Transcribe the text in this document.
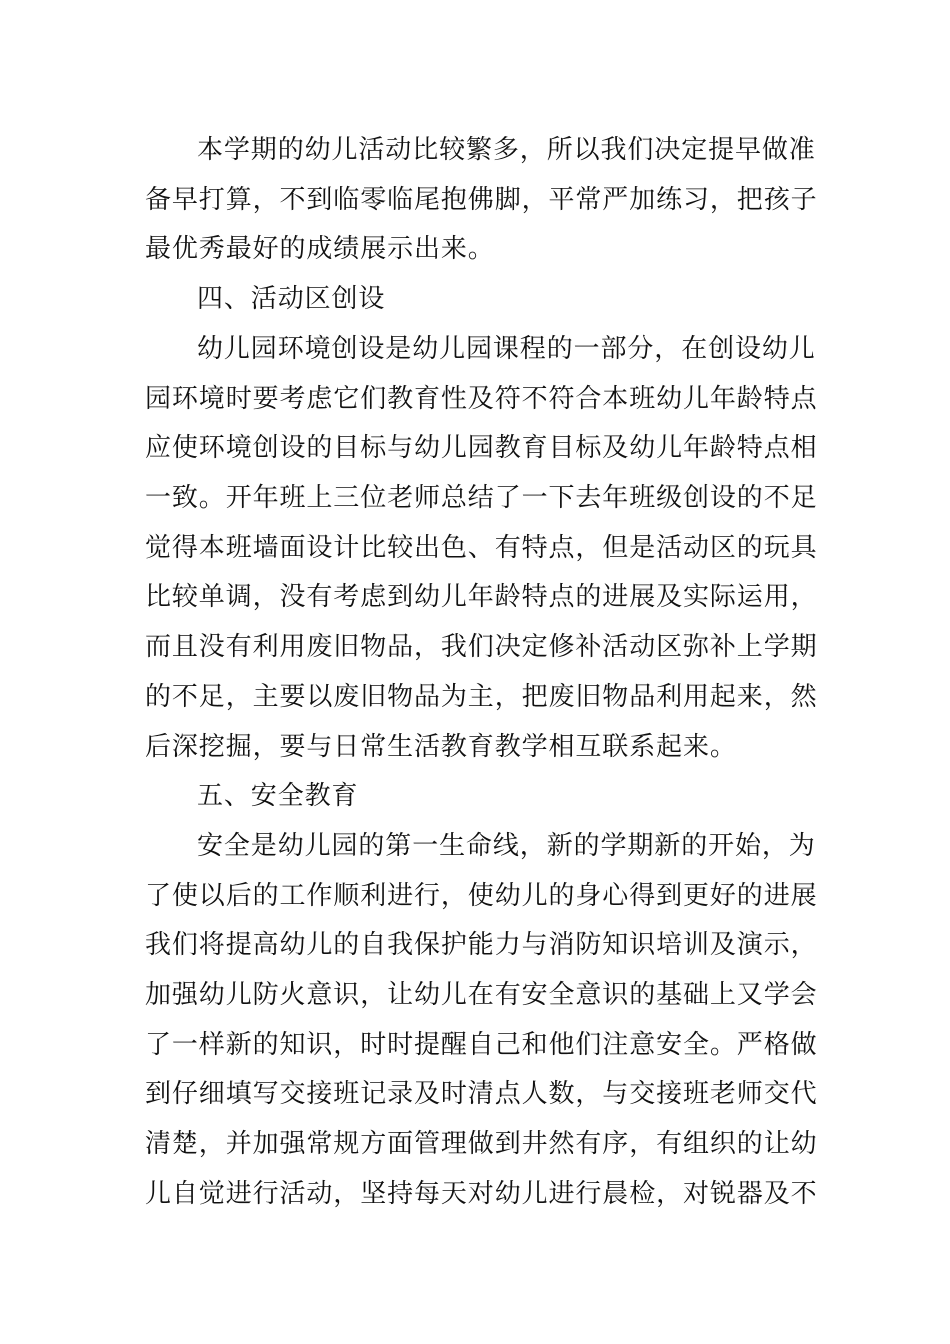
本学期的幼儿活动比较繁多，所以我们决定提早做准
备早打算，不到临零临尾抱佛脚，平常严加练习，把孩子
最优秀最好的成绩展示出来。
四、活动区创设
幼儿园环境创设是幼儿园课程的一部分，在创设幼儿
园环境时要考虑它们教育性及符不符合本班幼儿年龄特点
应使环境创设的目标与幼儿园教育目标及幼儿年龄特点相
一致。开年班上三位老师总结了一下去年班级创设的不足
觉得本班墙面设计比较出色、有特点，但是活动区的玩具
比较单调，没有考虑到幼儿年龄特点的进展及实际运用，
而且没有利用废旧物品，我们决定修补活动区弥补上学期
的不足，主要以废旧物品为主，把废旧物品利用起来，然
后深挖掘，要与日常生活教育教学相互联系起来。
五、安全教育
安全是幼儿园的第一生命线，新的学期新的开始，为
了使以后的工作顺利进行，使幼儿的身心得到更好的进展
我们将提高幼儿的自我保护能力与消防知识培训及演示，
加强幼儿防火意识，让幼儿在有安全意识的基础上又学会
了一样新的知识，时时提醒自己和他们注意安全。严格做
到仔细填写交接班记录及时清点人数，与交接班老师交代
清楚，并加强常规方面管理做到井然有序，有组织的让幼
儿自觉进行活动，坚持每天对幼儿进行晨检，对锐器及不
